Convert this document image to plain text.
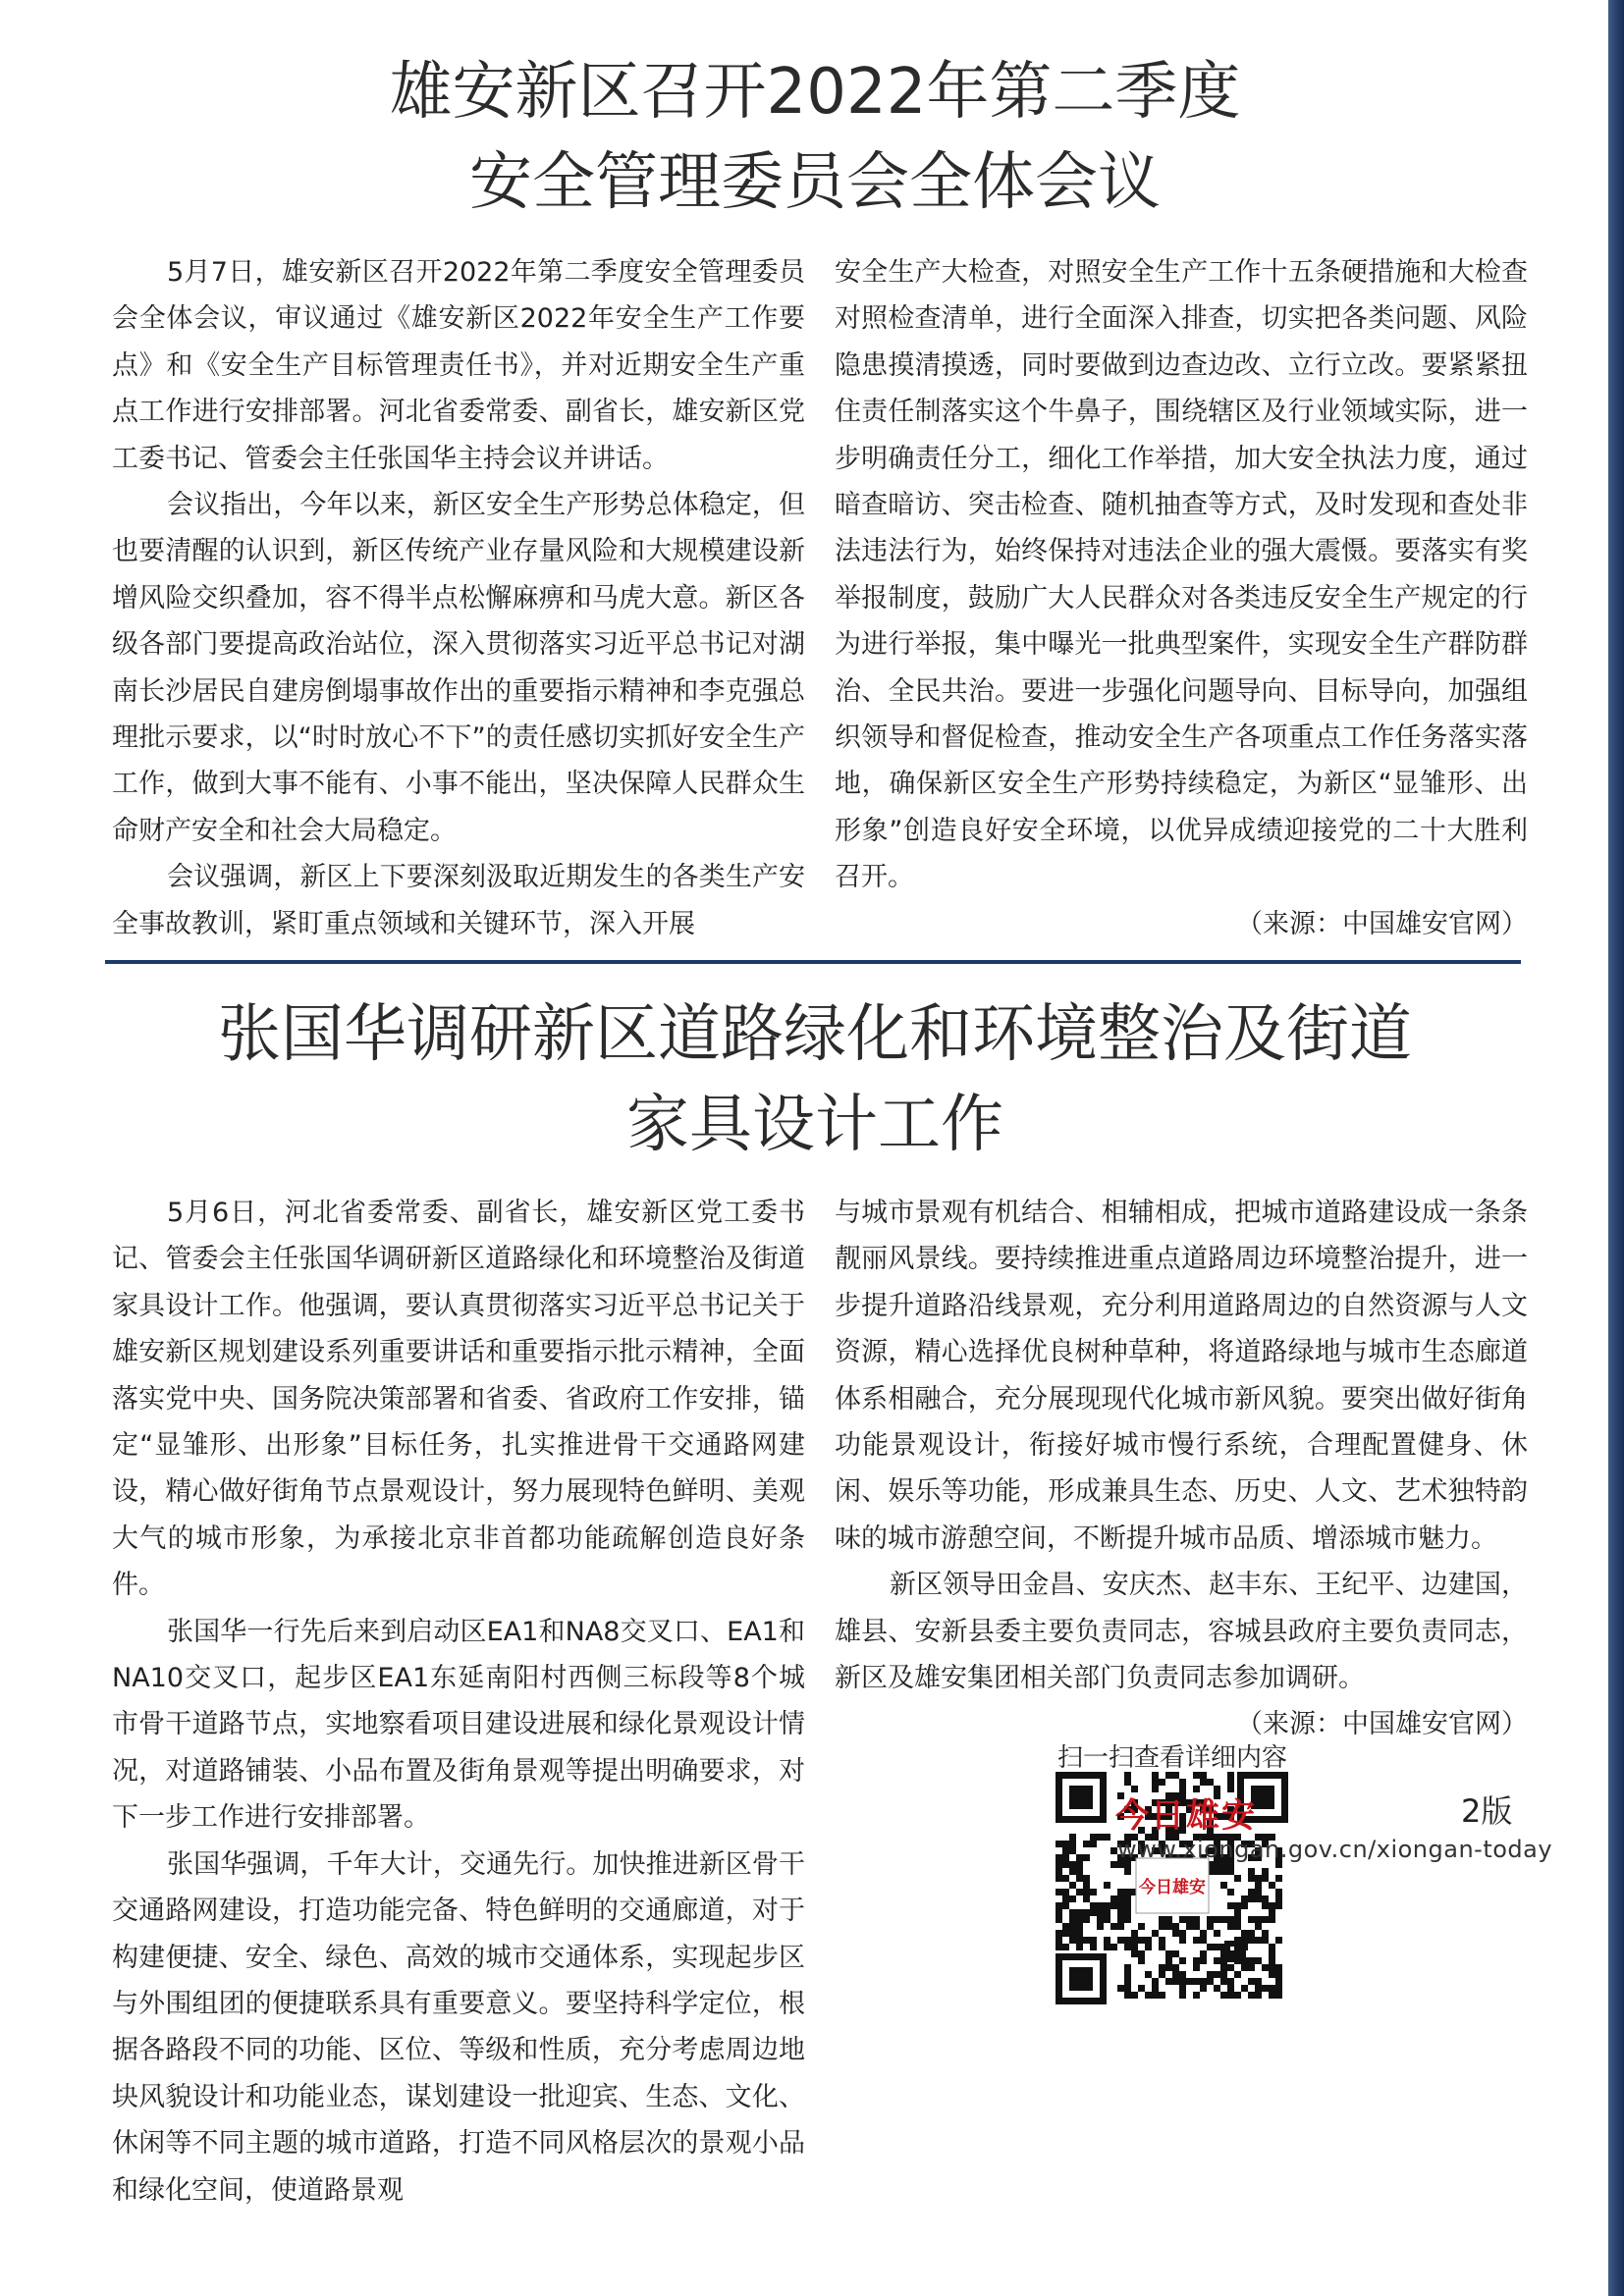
雄安新区召开2022年第二季度
安全管理委员会全体会议

5月7日，雄安新区召开2022年第二季度安全管理委员会全体会议，审议通过《雄安新区2022年安全生产工作要点》和《安全生产目标管理责任书》，并对近期安全生产重点工作进行安排部署。河北省委常委、副省长，雄安新区党工委书记、管委会主任张国华主持会议并讲话。

会议指出，今年以来，新区安全生产形势总体稳定，但也要清醒的认识到，新区传统产业存量风险和大规模建设新增风险交织叠加，容不得半点松懈麻痹和马虎大意。新区各级各部门要提高政治站位，深入贯彻落实习近平总书记对湖南长沙居民自建房倒塌事故作出的重要指示精神和李克强总理批示要求，以“时时放心不下”的责任感切实抓好安全生产工作，做到大事不能有、小事不能出，坚决保障人民群众生命财产安全和社会大局稳定。

会议强调，新区上下要深刻汲取近期发生的各类生产安全事故教训，紧盯重点领域和关键环节，深入开展

安全生产大检查，对照安全生产工作十五条硬措施和大检查对照检查清单，进行全面深入排查，切实把各类问题、风险隐患摸清摸透，同时要做到边查边改、立行立改。要紧紧扭住责任制落实这个牛鼻子，围绕辖区及行业领域实际，进一步明确责任分工，细化工作举措，加大安全执法力度，通过暗查暗访、突击检查、随机抽查等方式，及时发现和查处非法违法行为，始终保持对违法企业的强大震慑。要落实有奖举报制度，鼓励广大人民群众对各类违反安全生产规定的行为进行举报，集中曝光一批典型案件，实现安全生产群防群治、全民共治。要进一步强化问题导向、目标导向，加强组织领导和督促检查，推动安全生产各项重点工作任务落实落地，确保新区安全生产形势持续稳定，为新区“显雏形、出形象”创造良好安全环境，以优异成绩迎接党的二十大胜利召开。

（来源：中国雄安官网）

张国华调研新区道路绿化和环境整治及街道
家具设计工作

5月6日，河北省委常委、副省长，雄安新区党工委书记、管委会主任张国华调研新区道路绿化和环境整治及街道家具设计工作。他强调，要认真贯彻落实习近平总书记关于雄安新区规划建设系列重要讲话和重要指示批示精神，全面落实党中央、国务院决策部署和省委、省政府工作安排，锚定“显雏形、出形象”目标任务，扎实推进骨干交通路网建设，精心做好街角节点景观设计，努力展现特色鲜明、美观大气的城市形象，为承接北京非首都功能疏解创造良好条件。

张国华一行先后来到启动区EA1和NA8交叉口、EA1和NA10交叉口，起步区EA1东延南阳村西侧三标段等8个城市骨干道路节点，实地察看项目建设进展和绿化景观设计情况，对道路铺装、小品布置及街角景观等提出明确要求，对下一步工作进行安排部署。

张国华强调，千年大计，交通先行。加快推进新区骨干交通路网建设，打造功能完备、特色鲜明的交通廊道，对于构建便捷、安全、绿色、高效的城市交通体系，实现起步区与外围组团的便捷联系具有重要意义。要坚持科学定位，根据各路段不同的功能、区位、等级和性质，充分考虑周边地块风貌设计和功能业态，谋划建设一批迎宾、生态、文化、休闲等不同主题的城市道路，打造不同风格层次的景观小品和绿化空间，使道路景观

与城市景观有机结合、相辅相成，把城市道路建设成一条条靓丽风景线。要持续推进重点道路周边环境整治提升，进一步提升道路沿线景观，充分利用道路周边的自然资源与人文资源，精心选择优良树种草种，将道路绿地与城市生态廊道体系相融合，充分展现现代化城市新风貌。要突出做好街角功能景观设计，衔接好城市慢行系统，合理配置健身、休闲、娱乐等功能，形成兼具生态、历史、人文、艺术独特韵味的城市游憩空间，不断提升城市品质、增添城市魅力。

新区领导田金昌、安庆杰、赵丰东、王纪平、边建国，雄县、安新县委主要负责同志，容城县政府主要负责同志，新区及雄安集团相关部门负责同志参加调研。

（来源：中国雄安官网）

今日雄安
扫一扫查看详细内容
今日雄安	2版
www.xiongan.gov.cn/xiongan-today
